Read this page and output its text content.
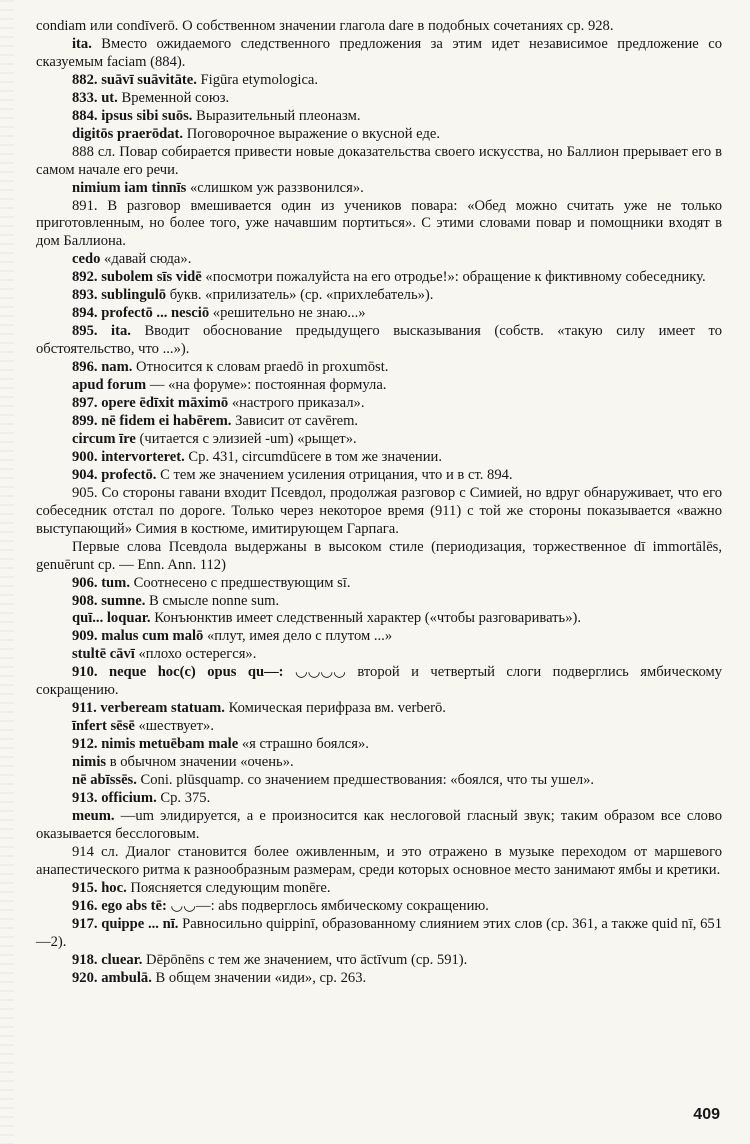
condiam или condīverō. О собственном значении глагола dare в подобных сочетаниях ср. 928.

ita. Вместо ожидаемого следственного предложения за этим идет независимое предложение со сказуемым faciam (884).

882. suāvī suāvitāte. Figūra etymologica.

833. ut. Временной союз.

884. ipsus sibi suōs. Выразительный плеоназм.

digitōs praerōdat. Поговорочное выражение о вкусной еде.

888 сл. Повар собирается привести новые доказательства своего искусства, но Баллион прерывает его в самом начале его речи.

nimium iam tinnīs «слишком уж раззвонился».

891. В разговор вмешивается один из учеников повара: «Обед можно считать уже не только приготовленным, но более того, уже начавшим портиться». С этими словами повар и помощники входят в дом Баллиона.

cedo «давай сюда».

892. subolem sīs vidē «посмотри пожалуйста на его отродье!»: обращение к фиктивному собеседнику.

893. sublingulō букв. «прилизатель» (ср. «прихлебатель»).

894. profectō ... nesciō «решительно не знаю...»

895. ita. Вводит обоснование предыдущего высказывания (собств. «такую силу имеет то обстоятельство, что ...»).

896. nam. Относится к словам praedō in proxumōst.

apud forum — «на форуме»: постоянная формула.

897. opere ēdīxit māximō «настрого приказал».

899. nē fidem ei habērem. Зависит от cavērem.

circum īre (читается с элизией -um) «рыщет».

900. intervorteret. Ср. 431, circumdūcere в том же значении.

904. profectō. С тем же значением усиления отрицания, что и в ст. 894.

905. Со стороны гавани входит Псевдол, продолжая разговор с Симией, но вдруг обнаруживает, что его собеседник отстал по дороге. Только через некоторое время (911) с той же стороны показывается «важно выступающий» Симия в костюме, имитирующем Гарпага.

Первые слова Псевдола выдержаны в высоком стиле (периодизация, торжественное dī immortālēs, genuērunt ср. — Enn. Ann. 112)

906. tum. Соотнесено с предшествующим sī.

908. sumne. В смысле nonne sum.

quī... loquar. Конъюнктив имеет следственный характер («чтобы разговаривать»).

909. malus cum malō «плут, имея дело с плутом ...»

stultē cāvī «плохо остерегся».

910. neque hoc(c) opus qu—: ◡◡◡◡ второй и четвертый слоги подверглись ямбическому сокращению.

911. verbeream statuam. Комическая перифраза вм. verberō.

īnfert sēsē «шествует».

912. nimis metuēbam male «я страшно боялся».

nimis в обычном значении «очень».

nē abīssēs. Coni. plūsquamp. со значением предшествования: «боялся, что ты ушел».

913. officium. Ср. 375.

meum. —um элидируется, а е произносится как неслоговой гласный звук; таким образом все слово оказывается бесслоговым.

914 сл. Диалог становится более оживленным, и это отражено в музыке переходом от маршевого анапестического ритма к разнообразным размерам, среди которых основное место занимают ямбы и кретики.

915. hoc. Поясняется следующим monēre.

916. ego abs tē: ◡◡—: abs подверглось ямбическому сокращению.

917. quippe ... nī. Равносильно quippinī, образованному слиянием этих слов (ср. 361, а также quid nī, 651—2).

918. cluear. Dēpōnēns с тем же значением, что āctīvum (ср. 591).

920. ambulā. В общем значении «иди», ср. 263.

409
